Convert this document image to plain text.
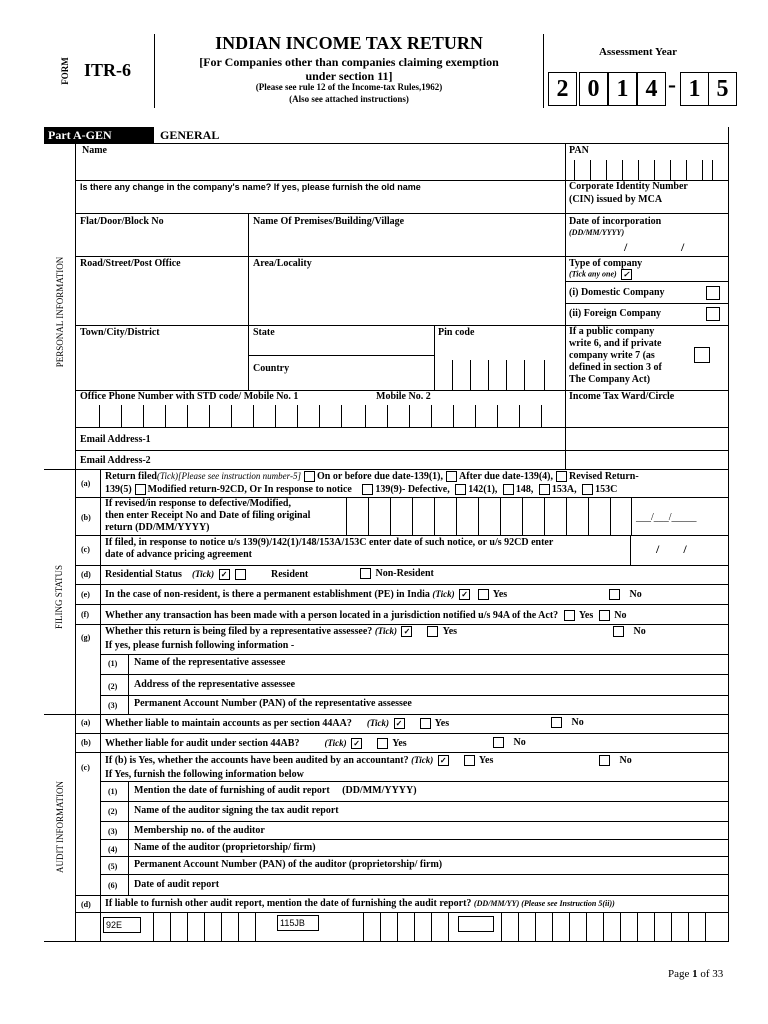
FORM ITR-6
INDIAN INCOME TAX RETURN
[For Companies other than companies claiming exemption
under section 11]
(Please see rule 12 of the Income-tax Rules,1962)
(Also see attached instructions)
Assessment Year
2 0 1 4 - 1 5
Part A-GEN	GENERAL
PERSONAL INFORMATION
FILING STATUS
AUDIT INFORMATION
Name	PAN
Is there any change in the company's name? If yes, please furnish the old name	Corporate Identity Number
(CIN) issued by MCA
Flat/Door/Block No	Name Of Premises/Building/Village	Date of incorporation
(DD/MM/YYYY)
/	/
Road/Street/Post Office	Area/Locality	Type of company
(Tick any one) ✓
(i) Domestic Company
(ii) Foreign Company
Town/City/District	State	Pin code
Country
If a public company
write 6, and if private
company write 7 (as
defined in section 3 of
The Company Act)
Office Phone Number with STD code/ Mobile No. 1	Mobile No. 2	Income Tax Ward/Circle
Email Address-1
Email Address-2
(a)
Return filed(Tick)[Please see instruction number-5] On or before due date-139(1), After due date-139(4), Revised Return-
139(5) Modified return-92CD, Or In response to notice 139(9)- Defective, 142(1), 148, 153A, 153C
(b)
If revised/in response to defective/Modified,
then enter Receipt No and Date of filing original
return (DD/MM/YYYY)
___/___/_____
(c)
If filed, in response to notice u/s 139(9)/142(1)/148/153A/153C enter date of such notice, or u/s 92CD enter
date of advance pricing agreement	/        /
(d) Residential Status (Tick) ✓	Resident	Non-Resident
(e) In the case of non-resident, is there a permanent establishment (PE) in India (Tick) ✓ Yes	No
(f) Whether any transaction has been made with a person located in a jurisdiction notified u/s 94A of the Act? Yes No
(g)
Whether this return is being filed by a representative assessee? (Tick) ✓	Yes	No
If yes, please furnish following information -
(1) Name of the representative assessee
(2) Address of the representative assessee
(3) Permanent Account Number (PAN) of the representative assessee
(a) Whether liable to maintain accounts as per section 44AA? (Tick) ✓	Yes	No
(b) Whether liable for audit under section 44AB?	(Tick) ✓	Yes	No
(c)
If (b) is Yes, whether the accounts have been audited by an accountant? (Tick) ✓	Yes	No
If Yes, furnish the following information below
(1) Mention the date of furnishing of audit report     (DD/MM/YYYY)
(2) Name of the auditor signing the tax audit report
(3) Membership no. of the auditor
(4) Name of the auditor (proprietorship/ firm)
(5) Permanent Account Number (PAN) of the auditor (proprietorship/ firm)
(6) Date of audit report
(d) If liable to furnish other audit report, mention the date of furnishing the audit report? (DD/MM/YY) (Please see Instruction 5(ii))
92E	115JB
Page 1 of 33
